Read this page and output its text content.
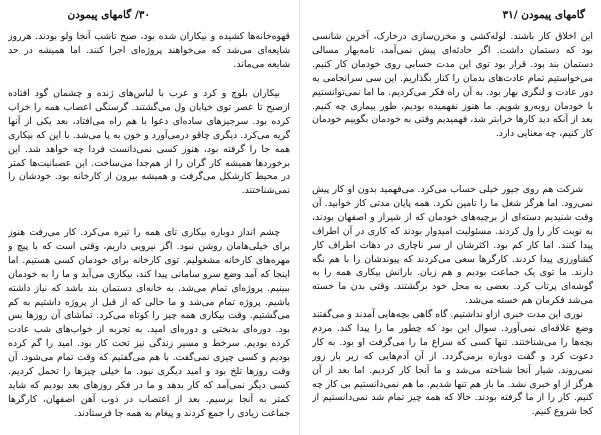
۳۰/ گامهای پیمودن

قهوه‌خانه‌ها کشیده و بیکاران شده بود، صبح تاشب آنجا ولو بودند. هرروز شایعه‌ای می‌شد که می‌خواهند پروژه‌ای اجرا کنند. اما همیشه در حد شایعه می‌ماند.

بیکاران بلوچ و کرد و عرب با لباس‌های ژنده و چشمان گود افتاده ازصبح تا عصر توی خیابان ول می‌گشتند. گرسنگی اعصاب همه را خراب کرده بود. سرجیزهای ساده‌ای دعوا با هم راه می‌افتاد، بعد یکی از آنها گریه می‌کرد. دیگری چاقو درمی‌آورد و خون به پا می‌شد. با این که بیکاری همه جا را گرفته بود، هنوز کسی نمی‌دانست فردا چه خواهد شد. این برخوردها همیشه کار گران را از هم‌جدا می‌ساخت. این عصبانیت‌ها کمتر در محیط کارشکل می‌گرفت و همیشه بیرون از کارخانه بود. خودشان را نمی‌شناختند.

چشم انداز دوباره بیکاری تای همه را تیره می‌کرد. کار می‌رفت هنوز برای خیلی‌هامان روشن نبود. اگر نیرویی داریم، وقتی است که با پیچ و مهره‌های کارخانه مشغولیم. توی کارخانه برای خودمان کسی هستیم. اما اینجا که آمد وضع سرو سامانی پیدا کند، بیکاری می‌آید و ما را به خودمان ببینیم. پروژه‌ای تمام می‌شد. به خانه‌ای دستمان بند باشد که نیاز داشته باشیم. پروژه تمام می‌شد و ما حالی که از قبل از پروژه داشتیم به کم می‌گشتیم. وقت بیکاری همه چیز را کوتاه می‌کرد. تماشای آن روزها بس بود. دوره‌ای بدبختی و دوره‌ای امید. به تجربه از خواب‌های شب عادت کرده بودیم. سرخط و مسیر زندگی نیز تحت کار بود. امید را گم کرده بودیم و کسی چیزی نمی‌گفت. با هم می‌گفتیم که وقت تمام می‌شود. آن وقت روزها تلخ بود و امید دیگری نبود. ما خیلی چیزها را تحمل کردیم. کسی دیگر نمی‌آمد که کار بدهد و ما در فکر روزهای بعد بودیم که شاید کمتر به آنجا برسیم. بعد از اعتصاب در ذوب آهن اصفهان، کارگرها جماعت زیادی را جمع کردند و پیغام به همه جا فرستادند.

گامهای پیمودن /۳۱

این اخلاق کار باشند. لوله‌کشی و مخزن‌سازی درخارک، آخرین شانسی بود که دستمان داشت. اگر حادثه‌ای پیش نمی‌آمد، تامه‌بهار مسالی دستمان بند بود. قرار بود توی این مدت حسابی روی خودمان کار کنیم. می‌خواستیم تمام عادت‌های بدمان را کنار بگذاریم. این سی سرانجامی به دور عادت و لنگری بهار بود. به آن راه فکر می‌کردیم. ما اما نمی‌توانستیم با خودمان روبه‌رو شویم. ما هنوز نفهمیده بودیم، طور بیماری چه کنیم. بعد از آنکه دید کارها خرابتر شد، فهمیدیم وقتی به خودمان بگوییم خودمان کار کنیم، چه معنایی دارد.

شرکت هم روی جیور خیلی حساب می‌کرد. می‌فهمید بدون او کار پیش نمی‌رود. اما هرگز شغل ما را تامین نکرد. همه پایان مدتی کار خوابید. آن وقت شنیدیم دسته‌ای از برچیه‌های خودمان که از شیراز و اصفهان بودند، به نوبت کار را ول کردند. مسئولیت امیدوار بودند که کاری در آن اطراف پیدا کنند. اما کار کم بود. اکثرشان از سر ناچاری در دهات اطراف کار کشاورزی پیدا کردند. کارگرها سعی می‌کردند که پیوندشان را با هم نگه دارند. ما توی یک جماعت بودیم و هم زبان. بارانش بیکاری همه را به گوشه‌ای پرتاب کرد. بعضی به محل خود برگشتند. وقتی بدن ما خسته می‌شد فکرمان هم خسته می‌شد.

نوری این مدت خبری ازاو نداشتیم. گاه گاهی بچه‌هایی آمدند و می‌گفتند وضع علاقه‌ای نمی‌آورد. سوال این بود که چطور ما را پیدا کند. مردم بچه‌ها را می‌شناختند. تنها کسی که سراغ ما را می‌گرفت او بود. به کار دعوت کرد و گفت دوباره برمی‌گردد. از آن آدم‌هایی که زیر بار زور نمی‌روند. شیار آنجا شناخته می‌شد و ما آنجا کار کردیم. اما بعد از آن هرگز از او خبری نشد. ما باز هم تنها شدیم. ما هم نمی‌دانستیم بی کار چه کنیم. کار را از ما گرفته بودند. حالا که همه چیز تمام شد نمی‌دانستیم از کجا شروع کنیم.
